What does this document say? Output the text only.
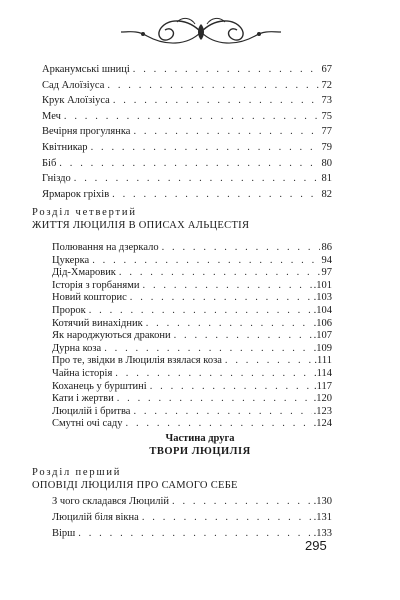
Арканумські шниці . . .	67
Сад Алоїзіуса . . .	72
Крук Алоїзіуса . . .	73
Меч . . .	75
Вечірня прогулянка . . .	77
Квітникар . . .	79
Біб . . .	80
Гніздо . . .	81
Ярмарок гріхів . . .	82
Розділ четвертий
ЖИТТЯ ЛЮЦИЛІЯ В ОПИСАХ АЛЬЦЕСТІЯ
Полювання на дзеркало . . .	86
Цукерка . . .	94
Дід-Хмаровик . . .	97
Історія з горбанями . . .	.101
Новий кошторис . . .	.103
Пророк . . .	.104
Котячий винахідник . . .	.106
Як народжуються дракони . . .	.107
Дурна коза . . .	.109
Про те, звідки в Люцилія взялася коза . . .	.111
Чайна історія . . .	.114
Коханець у бурштині . . .	.117
Кати і жертви . . .	.120
Люцилій і бритва . . .	.123
Смутні очі саду . . .	.124
Частина друга
ТВОРИ ЛЮЦИЛІЯ
Розділ перший
ОПОВІДІ ЛЮЦИЛІЯ ПРО САМОГО СЕБЕ
295
З чого складався Люцилій . . .	.130
Люцилій біля вікна . . .	.131
Вірш . . .	.133
